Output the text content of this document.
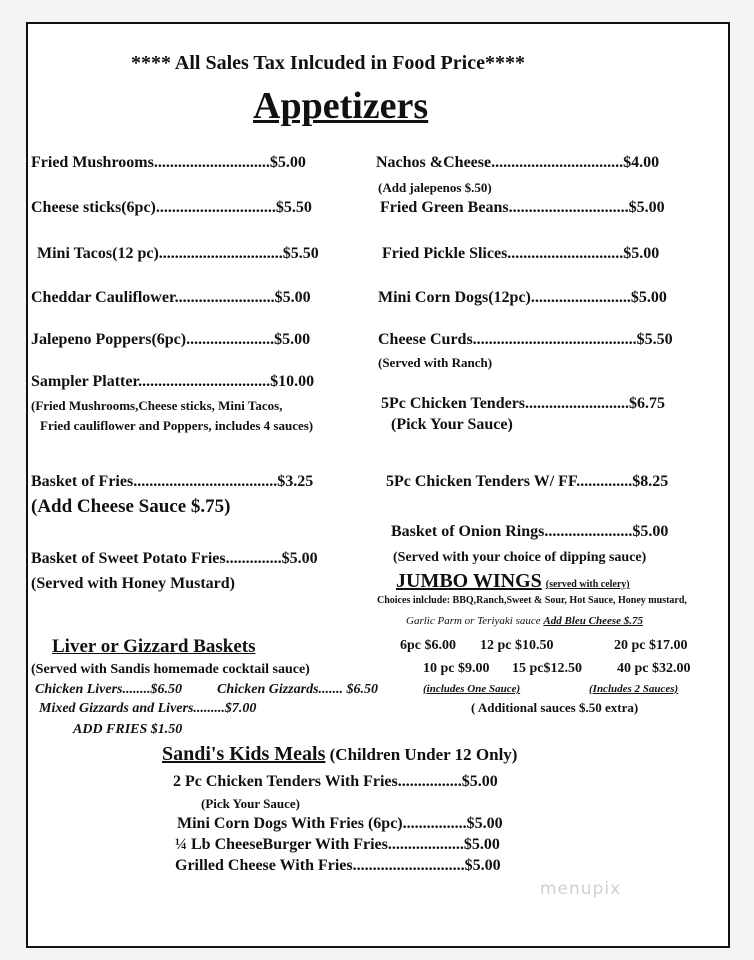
**** All Sales Tax Inlcuded in Food Price****
Appetizers
Fried Mushrooms.............................$5.00
Cheese sticks(6pc)..............................$5.50
Mini Tacos(12 pc)...............................$5.50
Cheddar Cauliflower.........................$5.00
Jalepeno Poppers(6pc)......................$5.00
Sampler Platter.................................$10.00
(Fried Mushrooms,Cheese sticks, Mini Tacos,
Fried cauliflower and Poppers, includes 4 sauces)
Basket of Fries....................................$3.25
(Add Cheese Sauce $.75)
Basket of Sweet Potato Fries..............$5.00
(Served with Honey Mustard)
Nachos &Cheese.................................$4.00
(Add jalepenos $.50)
Fried Green Beans..............................$5.00
Fried Pickle Slices.............................$5.00
Mini Corn Dogs(12pc).........................$5.00
Cheese Curds.........................................$5.50
(Served with Ranch)
5Pc Chicken Tenders..........................$6.75
(Pick Your Sauce)
5Pc Chicken Tenders W/ FF..............$8.25
Basket of Onion Rings......................$5.00
(Served with your choice of dipping sauce)
JUMBO WINGS (served with celery)
Choices inlclude: BBQ,Ranch,Sweet & Sour, Hot Sauce, Honey mustard,
Garlic Parm or Teriyaki sauce Add Bleu Cheese $.75
6pc $6.00 12 pc $10.50	20 pc $17.00
10 pc $9.00 15 pc$12.50	40 pc $32.00
(includes One Sauce)	(Includes 2 Sauces)
( Additional sauces $.50 extra)
Liver or Gizzard Baskets
(Served with Sandis homemade cocktail sauce)
Chicken Livers........$6.50	Chicken Gizzards....... $6.50
Mixed Gizzards and Livers.........$7.00
ADD FRIES $1.50
Sandi's Kids Meals (Children Under 12 Only)
2 Pc Chicken Tenders With Fries................$5.00
(Pick Your Sauce)
Mini Corn Dogs With Fries (6pc)................$5.00
¼ Lb CheeseBurger With Fries...................$5.00
Grilled Cheese With Fries............................$5.00
menupix
